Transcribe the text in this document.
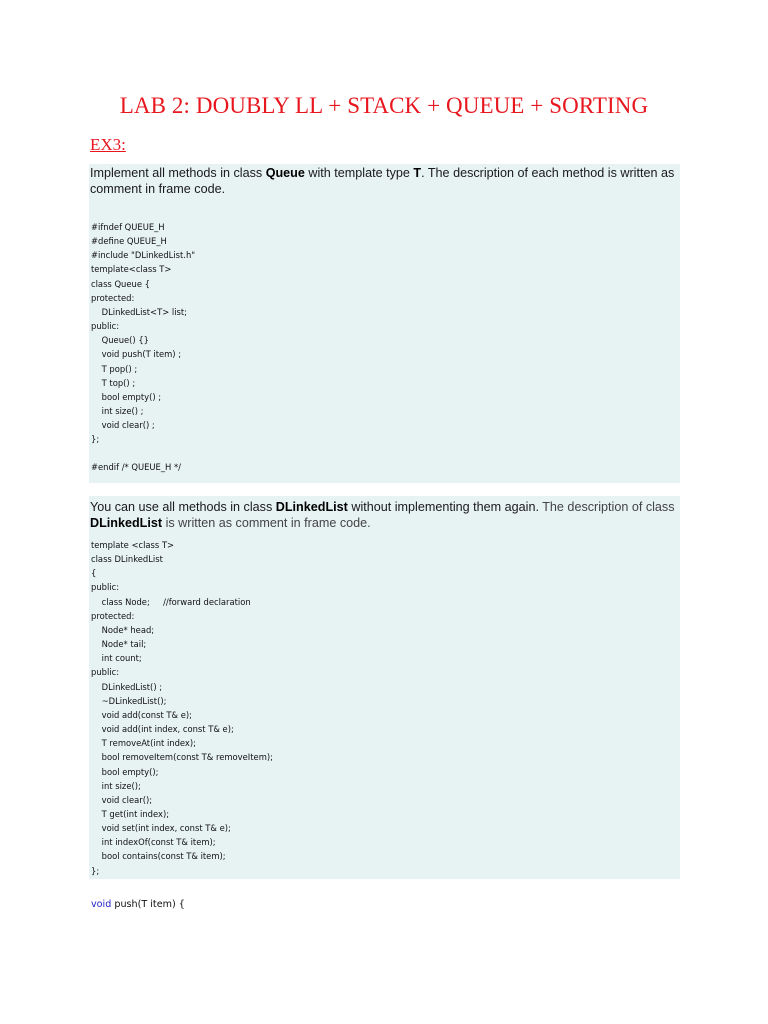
LAB 2: DOUBLY LL + STACK + QUEUE + SORTING
EX3:

Implement all methods in class Queue with template type T. The description of each method is written as comment in frame code.

#ifndef QUEUE_H
#define QUEUE_H
#include "DLinkedList.h"
template<class T>
class Queue {
protected:
DLinkedList<T> list;
public:
Queue() {}
void push(T item) ;
T pop() ;
T top() ;
bool empty() ;
int size() ;
void clear() ;
};
#endif /* QUEUE_H */

You can use all methods in class DLinkedList without implementing them again. The description of class DLinkedList is written as comment in frame code.

template <class T>
class DLinkedList
{
public:
class Node;     //forward declaration
protected:
Node* head;
Node* tail;
int count;
public:
DLinkedList() ;
~DLinkedList();
void add(const T& e);
void add(int index, const T& e);
T removeAt(int index);
bool removeItem(const T& removeItem);
bool empty();
int size();
void clear();
T get(int index);
void set(int index, const T& e);
int indexOf(const T& item);
bool contains(const T& item);
};
void push(T item) {
